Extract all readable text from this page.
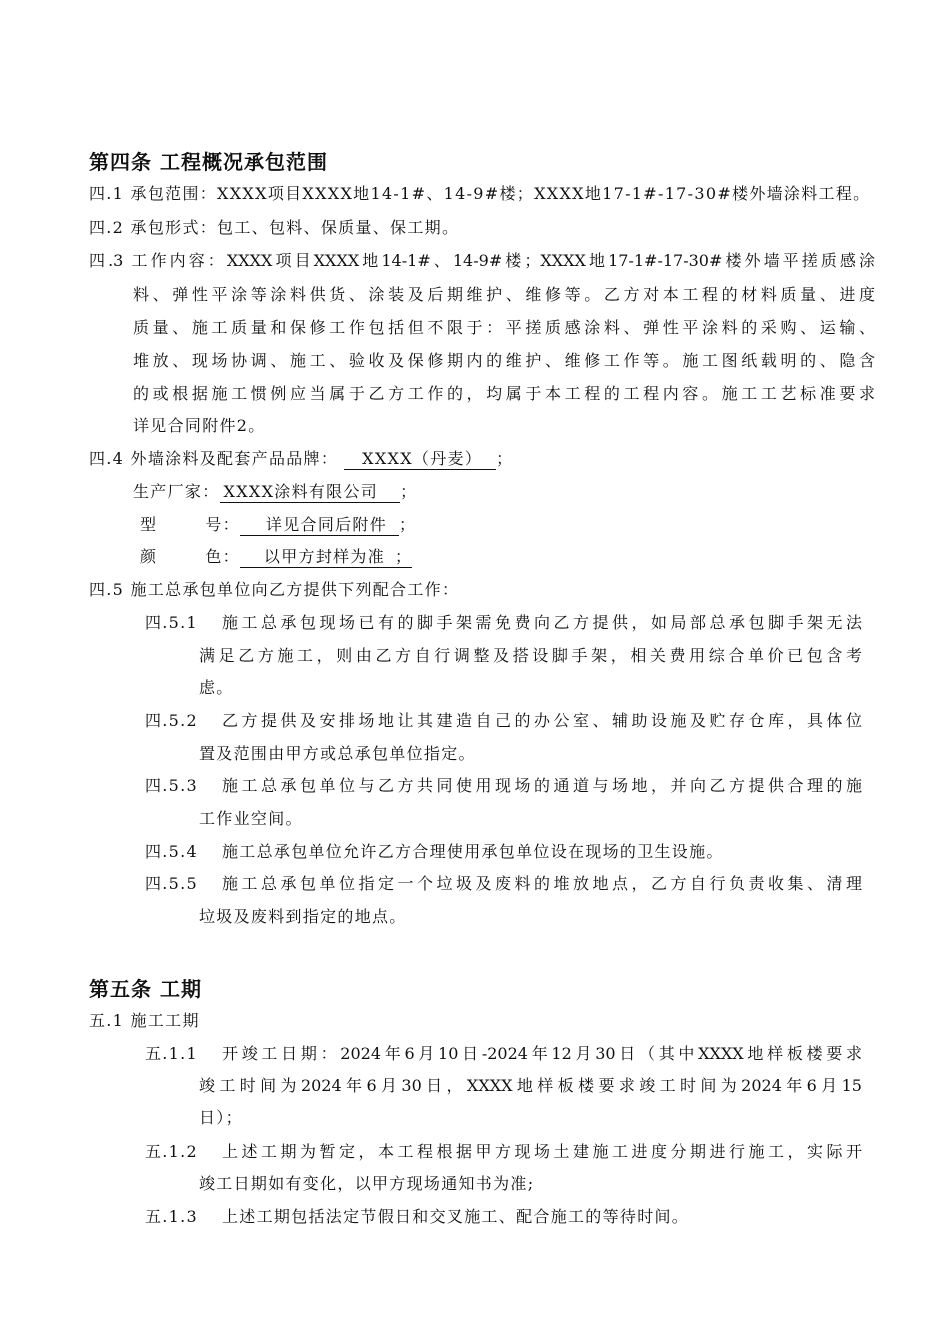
第四条 工程概况承包范围
四.1 承包范围：XXXX项目XXXX地14-1#、14-9#楼；XXXX地17-1#-17-30#楼外墙涂料工程。
四.2 承包形式：包工、包料、保质量、保工期。
四.3 工作内容：XXXX项目XXXX地14-1#、14-9#楼；XXXX地17-1#-17-30#楼外墙平搓质感涂
料、弹性平涂等涂料供货、涂装及后期维护、维修等。乙方对本工程的材料质量、进度
质量、施工质量和保修工作包括但不限于：平搓质感涂料、弹性平涂料的采购、运输、
堆放、现场协调、施工、验收及保修期内的维护、维修工作等。施工图纸载明的、隐含
的或根据施工惯例应当属于乙方工作的，均属于本工程的工程内容。施工工艺标准要求
详见合同附件2。
四.4 外墙涂料及配套产品品牌： XXXX（丹麦） ；
生产厂家： XXXX涂料有限公司 ；
型	号： 详见合同后附件 ；
颜	色： 以甲方封样为准 ；
四.5 施工总承包单位向乙方提供下列配合工作：
四.5.1 施工总承包现场已有的脚手架需免费向乙方提供，如局部总承包脚手架无法
满足乙方施工，则由乙方自行调整及搭设脚手架，相关费用综合单价已包含考
虑。
四.5.2 乙方提供及安排场地让其建造自己的办公室、辅助设施及贮存仓库，具体位
置及范围由甲方或总承包单位指定。
四.5.3 施工总承包单位与乙方共同使用现场的通道与场地，并向乙方提供合理的施
工作业空间。
四.5.4 施工总承包单位允许乙方合理使用承包单位设在现场的卫生设施。
四.5.5 施工总承包单位指定一个垃圾及废料的堆放地点，乙方自行负责收集、清理
垃圾及废料到指定的地点。
第五条 工期
五.1 施工工期
五.1.1 开竣工日期：2024年6月10日-2024年12月30日（其中XXXX地样板楼要求
竣工时间为2024年6月30日，XXXX地样板楼要求竣工时间为2024年6月15
日）；
五.1.2 上述工期为暂定，本工程根据甲方现场土建施工进度分期进行施工，实际开
竣工日期如有变化，以甲方现场通知书为准;
五.1.3 上述工期包括法定节假日和交叉施工、配合施工的等待时间。
